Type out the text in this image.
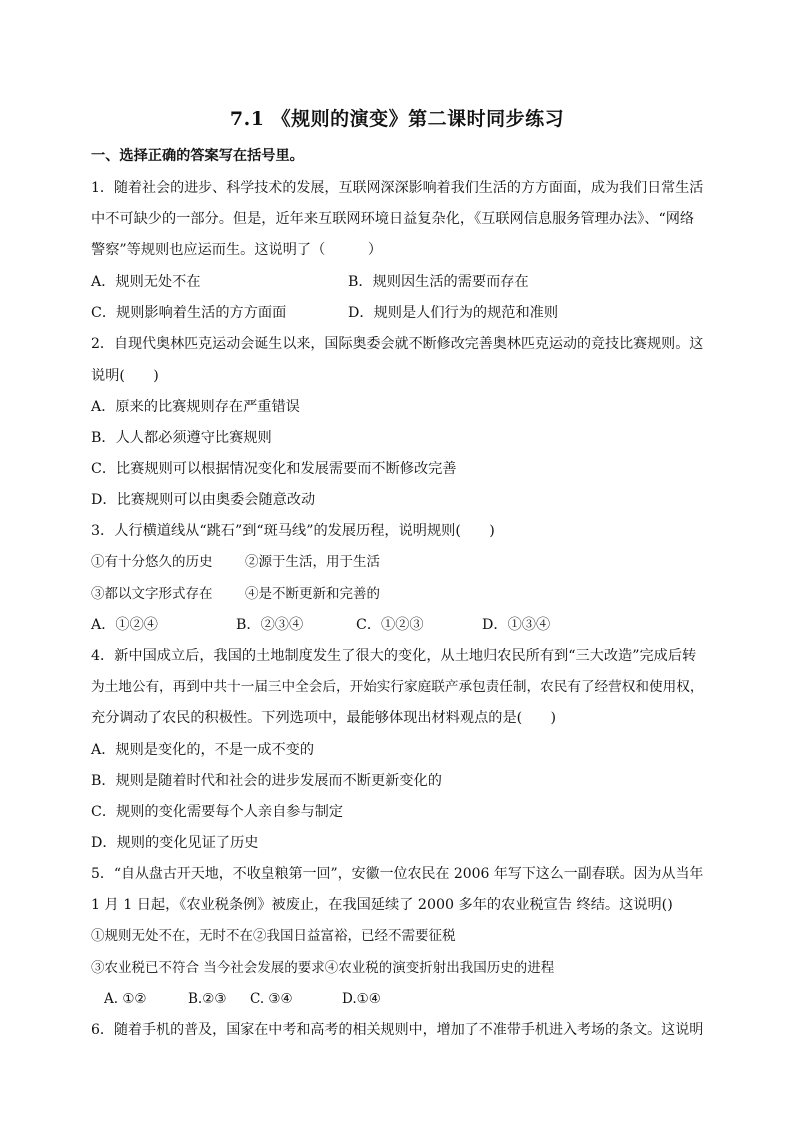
7.1 《规则的演变》第二课时同步练习
一、选择正确的答案写在括号里。
1．随着社会的进步、科学技术的发展，互联网深深影响着我们生活的方方面面，成为我们日常生活
中不可缺少的一部分。但是，近年来互联网环境日益复杂化，《互联网信息服务管理办法》、“网络
警察”等规则也应运而生。这说明了（　　　）
A．规则无处不在	B．规则因生活的需要而存在
C．规则影响着生活的方方面面	D．规则是人们行为的规范和准则
2．自现代奥林匹克运动会诞生以来，国际奥委会就不断修改完善奥林匹克运动的竞技比赛规则。这
说明(　　)
A．原来的比赛规则存在严重错误
B．人人都必须遵守比赛规则
C．比赛规则可以根据情况变化和发展需要而不断修改完善
D．比赛规则可以由奥委会随意改动
3．人行横道线从“跳石”到“斑马线”的发展历程，说明规则(　　)
①有十分悠久的历史 ②源于生活，用于生活
③都以文字形式存在 ④是不断更新和完善的
A．①②④	B．②③④	C．①②③	D．①③④
4．新中国成立后，我国的土地制度发生了很大的变化，从土地归农民所有到“三大改造”完成后转
为土地公有，再到中共十一届三中全会后，开始实行家庭联产承包责任制，农民有了经营权和使用权，
充分调动了农民的积极性。下列选项中，最能够体现出材料观点的是(　　)
A．规则是变化的，不是一成不变的
B．规则是随着时代和社会的进步发展而不断更新变化的
C．规则的变化需要每个人亲自参与制定
D．规则的变化见证了历史
5．“自从盘古开天地，不收皇粮第一回”，安徽一位农民在 2006 年写下这么一副春联。因为从当年
1 月 1 日起，《农业税条例》被废止，在我国延续了 2000 多年的农业税宣告 终结。这说明()
①规则无处不在，无时不在②我国日益富裕，已经不需要征税
③农业税已不符合 当今社会发展的要求④农业税的演变折射出我国历史的进程
A. ①②	B.②③ C. ③④	D.①④
6．随着手机的普及，国家在中考和高考的相关规则中，增加了不准带手机进入考场的条文。这说明
